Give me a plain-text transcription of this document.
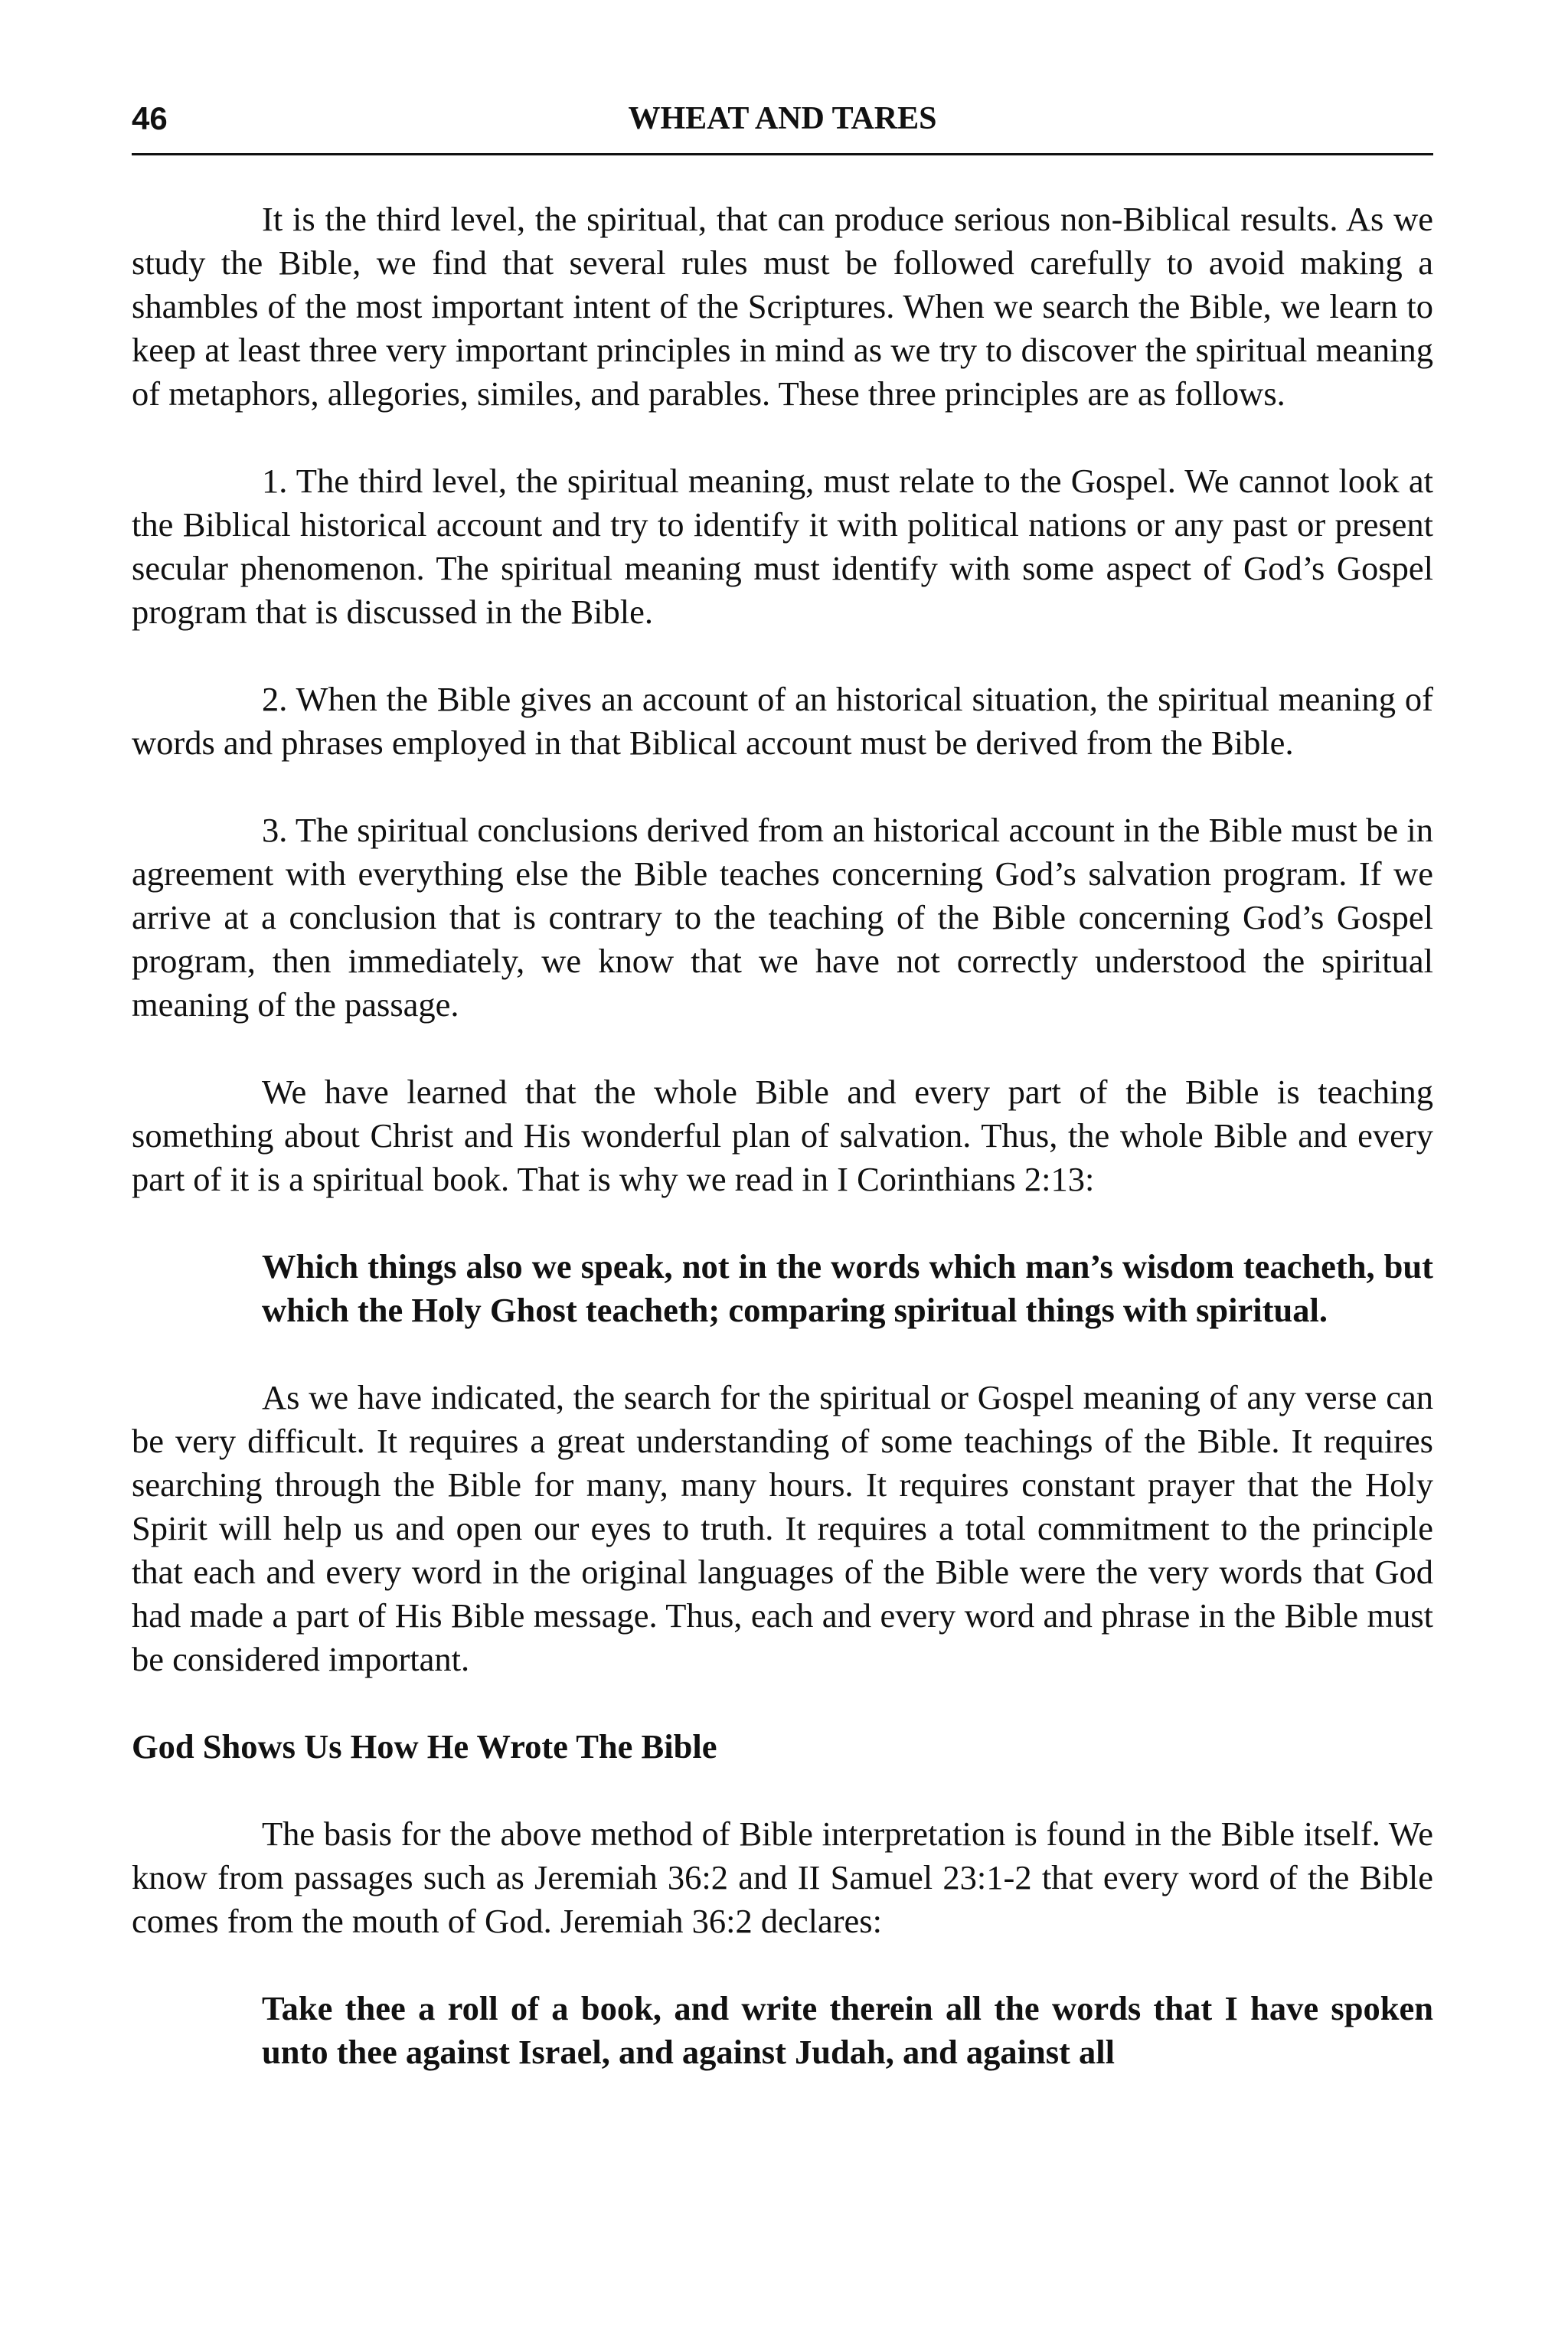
46	WHEAT AND TARES

It is the third level, the spiritual, that can produce serious non-Biblical results. As we study the Bible, we find that several rules must be followed carefully to avoid making a shambles of the most important intent of the Scriptures. When we search the Bible, we learn to keep at least three very important principles in mind as we try to discover the spiritual meaning of metaphors, allegories, similes, and parables. These three principles are as follows.

1. The third level, the spiritual meaning, must relate to the Gospel. We cannot look at the Biblical historical account and try to identify it with political nations or any past or present secular phenomenon. The spiritual meaning must identify with some aspect of God’s Gospel program that is discussed in the Bible.

2. When the Bible gives an account of an historical situation, the spiritual meaning of words and phrases employed in that Biblical account must be derived from the Bible.

3. The spiritual conclusions derived from an historical account in the Bible must be in agreement with everything else the Bible teaches concerning God’s salvation program. If we arrive at a conclusion that is contrary to the teaching of the Bible concerning God’s Gospel program, then immediately, we know that we have not correctly understood the spiritual meaning of the passage.

We have learned that the whole Bible and every part of the Bible is teaching something about Christ and His wonderful plan of salvation. Thus, the whole Bible and every part of it is a spiritual book. That is why we read in I Corinthians 2:13:

Which things also we speak, not in the words which man’s wisdom teacheth, but which the Holy Ghost teacheth; comparing spiritual things with spiritual.

As we have indicated, the search for the spiritual or Gospel meaning of any verse can be very difficult. It requires a great understanding of some teachings of the Bible. It requires searching through the Bible for many, many hours. It requires constant prayer that the Holy Spirit will help us and open our eyes to truth. It requires a total commitment to the principle that each and every word in the original languages of the Bible were the very words that God had made a part of His Bible message. Thus, each and every word and phrase in the Bible must be considered important.

God Shows Us How He Wrote The Bible

The basis for the above method of Bible interpretation is found in the Bible itself. We know from passages such as Jeremiah 36:2 and II Samuel 23:1-2 that every word of the Bible comes from the mouth of God. Jeremiah 36:2 declares:

Take thee a roll of a book, and write therein all the words that I have spoken unto thee against Israel, and against Judah, and against all
